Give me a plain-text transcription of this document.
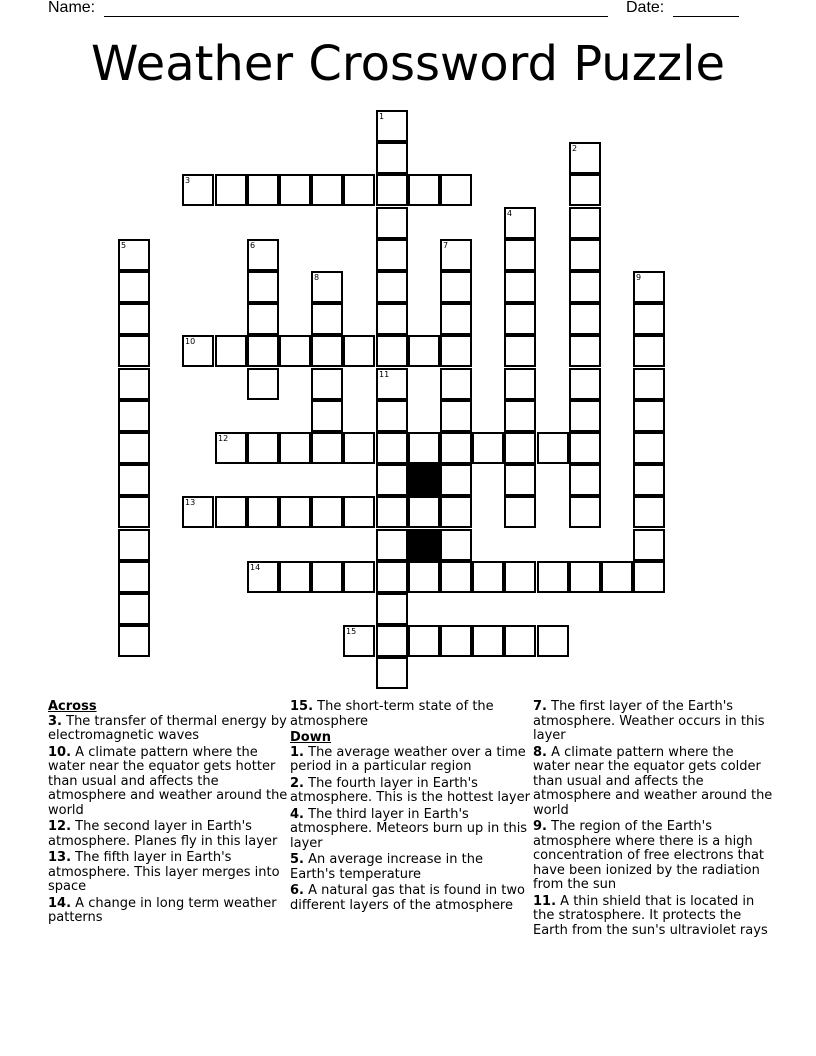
Name:	Date:
Weather Crossword Puzzle
3
10
12
13
14
15
1
2
4
5	6	7
8	9
11

Across

3. The transfer of thermal energy by electromagnetic waves

10. A climate pattern where the water near the equator gets hotter than usual and affects the atmosphere and weather around the world

12. The second layer in Earth's atmosphere. Planes fly in this layer

13. The fifth layer in Earth's atmosphere. This layer merges into space

14. A change in long term weather patterns

15. The short-term state of the atmosphere

Down

1. The average weather over a time period in a particular region

2. The fourth layer in Earth's atmosphere. This is the hottest layer

4. The third layer in Earth's atmosphere. Meteors burn up in this layer

5. An average increase in the Earth's temperature

6. A natural gas that is found in two different layers of the atmosphere

7. The first layer of the Earth's atmosphere. Weather occurs in this layer

8. A climate pattern where the water near the equator gets colder than usual and affects the atmosphere and weather around the world

9. The region of the Earth's atmosphere where there is a high concentration of free electrons that have been ionized by the radiation from the sun

11. A thin shield that is located in the stratosphere. It protects the Earth from the sun's ultraviolet rays
